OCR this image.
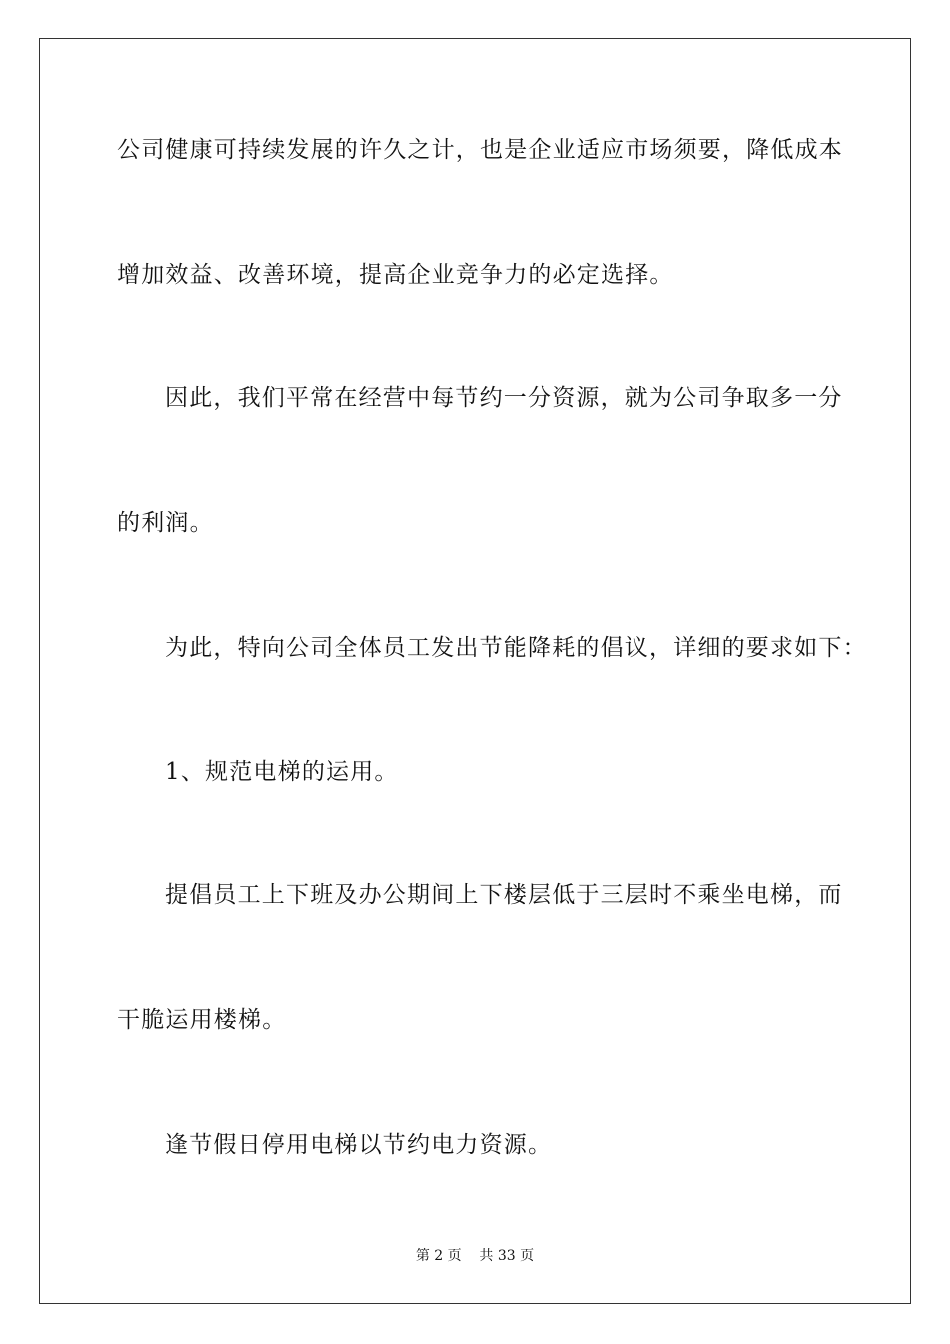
公司健康可持续发展的许久之计，也是企业适应市场须要，降低成本
增加效益、改善环境，提高企业竞争力的必定选择。
因此，我们平常在经营中每节约一分资源，就为公司争取多一分
的利润。
为此，特向公司全体员工发出节能降耗的倡议，详细的要求如下：
1、规范电梯的运用。
提倡员工上下班及办公期间上下楼层低于三层时不乘坐电梯，而
干脆运用楼梯。
逢节假日停用电梯以节约电力资源。
第 2 页    共 33 页
